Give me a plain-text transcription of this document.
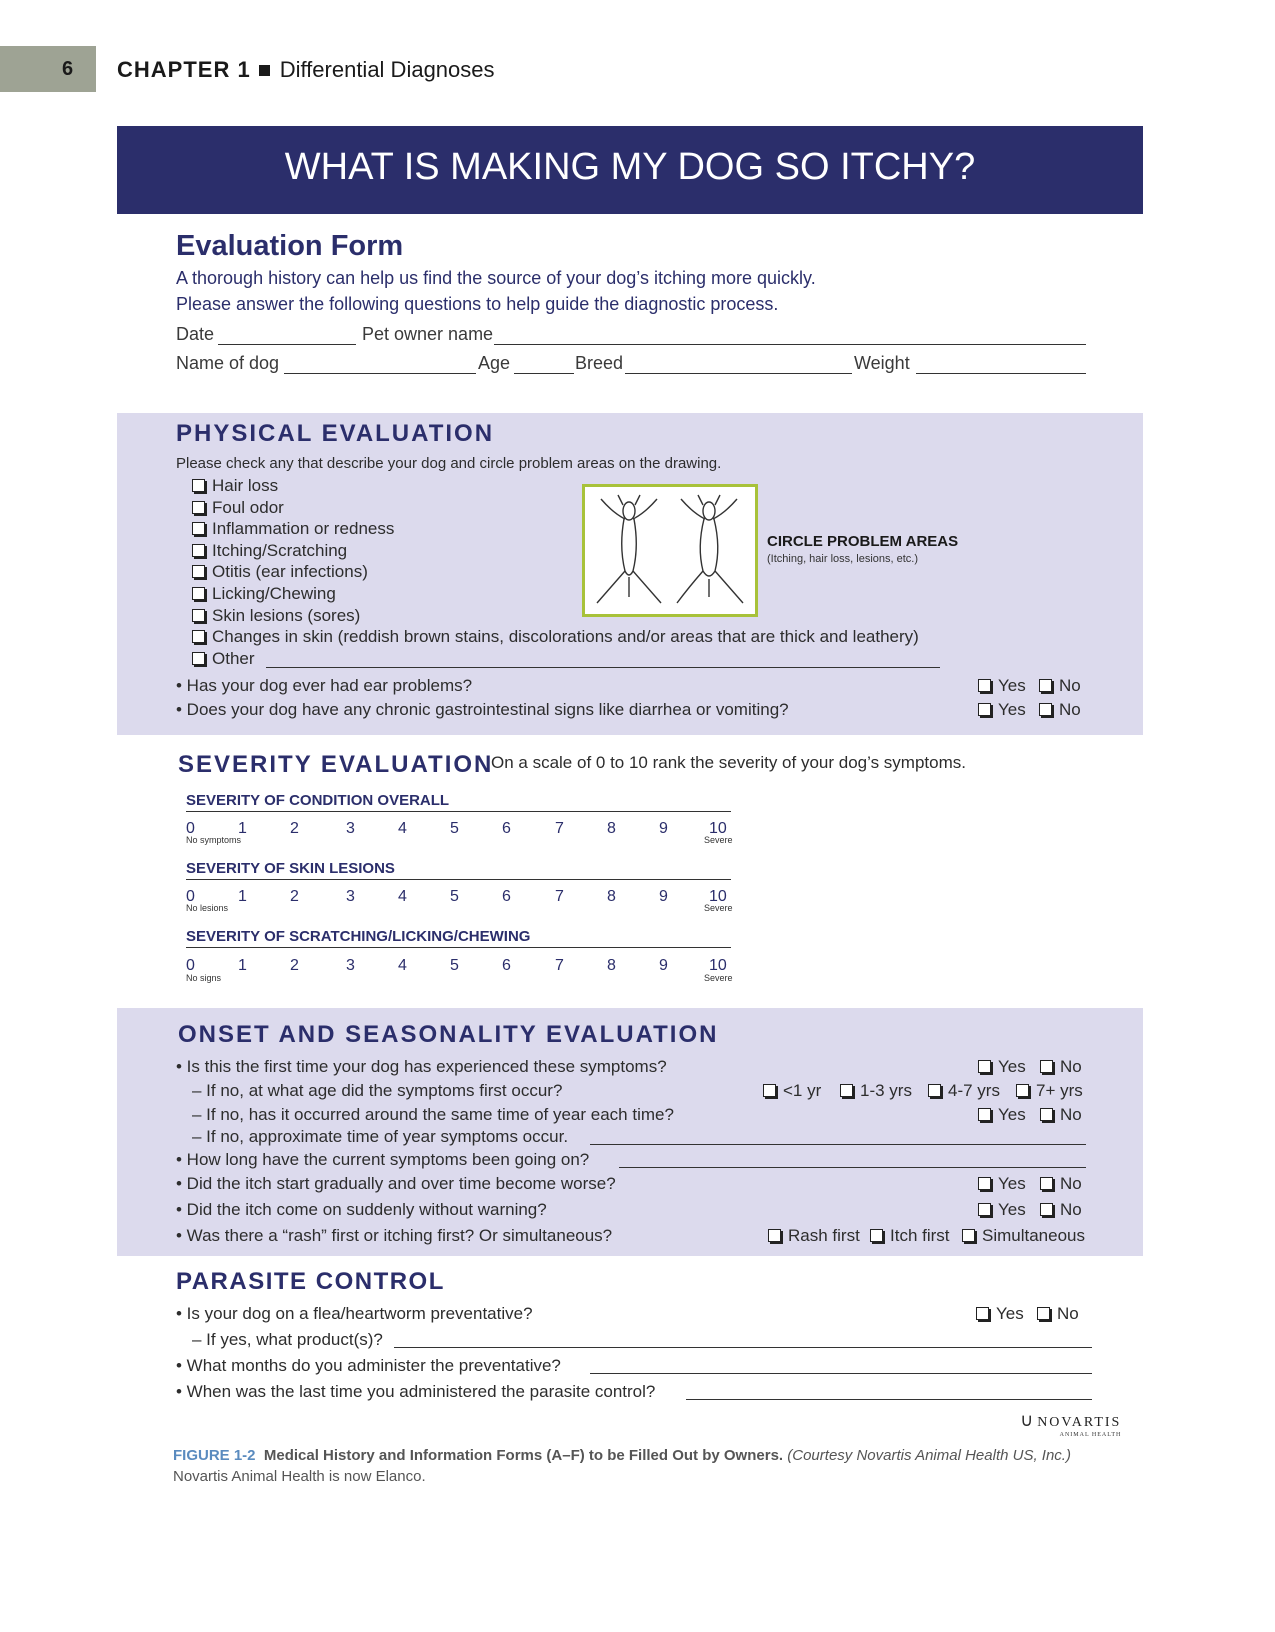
6 CHAPTER 1 Differential Diagnoses
WHAT IS MAKING MY DOG SO ITCHY?
Evaluation Form
A thorough history can help us find the source of your dog’s itching more quickly.
Please answer the following questions to help guide the diagnostic process.
Date	Pet owner name
Name of dog	Age	Breed	Weight
PHYSICAL EVALUATION
Please check any that describe your dog and circle problem areas on the drawing.
Hair loss
Foul odor
Inflammation or redness
Itching/Scratching
Otitis (ear infections)
Licking/Chewing
Skin lesions (sores)
Changes in skin (reddish brown stains, discolorations and/or areas that are thick and leathery)
Other
CIRCLE PROBLEM AREAS
(Itching, hair loss, lesions, etc.)
• Has your dog ever had ear problems?	Yes	No
• Does your dog have any chronic gastrointestinal signs like diarrhea or vomiting?	Yes	No
SEVERITY EVALUATION
On a scale of 0 to 10 rank the severity of your dog’s symptoms.
SEVERITY OF CONDITION OVERALL
0	1	2	3	4	5	6	7	8	9	10
No symptoms	Severe
SEVERITY OF SKIN LESIONS
0	1	2	3	4	5	6	7	8	9	10
No lesions	Severe
SEVERITY OF SCRATCHING/LICKING/CHEWING
0	1	2	3	4	5	6	7	8	9	10
No signs	Severe
ONSET AND SEASONALITY EVALUATION
• Is this the first time your dog has experienced these symptoms?	Yes	No
– If no, at what age did the symptoms first occur?	<1 yr	1-3 yrs	4-7 yrs	7+ yrs
– If no, has it occurred around the same time of year each time?	Yes	No
– If no, approximate time of year symptoms occur.
• How long have the current symptoms been going on?
• Did the itch start gradually and over time become worse?	Yes	No
• Did the itch come on suddenly without warning?	Yes	No
• Was there a “rash” first or itching first? Or simultaneous?	Rash first	Itch first	Simultaneous
PARASITE CONTROL
• Is your dog on a flea/heartworm preventative?	Yes	No
– If yes, what product(s)?
• What months do you administer the preventative?
• When was the last time you administered the parasite control?
∪ NOVARTIS
ANIMAL HEALTH
FIGURE 1-2 Medical History and Information Forms (A–F) to be Filled Out by Owners. (Courtesy Novartis Animal Health US, Inc.)
Novartis Animal Health is now Elanco.
